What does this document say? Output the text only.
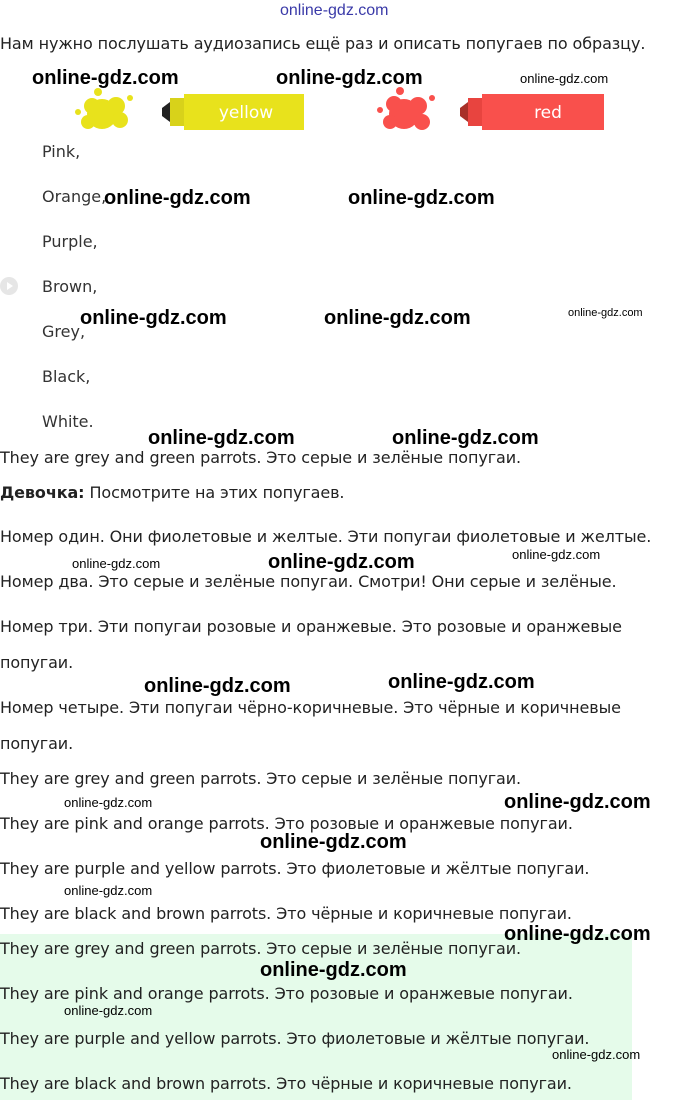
online-gdz.com
Нам нужно послушать аудиозапись ещё раз и описать попугаев по образцу.
yellow	red
Pink,
Orange,
Purple,
Brown,
Grey,
Black,
White.
They are grey and green parrots. Это серые и зелёные попугаи.
Девочка: Посмотрите на этих попугаев.
Номер один. Они фиолетовые и желтые. Эти попугаи фиолетовые и желтые.
Номер два. Это серые и зелёные попугаи. Смотри! Они серые и зелёные.
Номер три. Эти попугаи розовые и оранжевые. Это розовые и оранжевые
попугаи.
Номер четыре. Эти попугаи чёрно-коричневые. Это чёрные и коричневые
попугаи.
They are grey and green parrots. Это серые и зелёные попугаи.
They are pink and orange parrots. Это розовые и оранжевые попугаи.
They are purple and yellow parrots. Это фиолетовые и жёлтые попугаи.
They are black and brown parrots. Это чёрные и коричневые попугаи.
They are grey and green parrots. Это серые и зелёные попугаи.
They are pink and orange parrots. Это розовые и оранжевые попугаи.
They are purple and yellow parrots. Это фиолетовые и жёлтые попугаи.
They are black and brown parrots. Это чёрные и коричневые попугаи.
online-gdz.com	online-gdz.com	online-gdz.com
online-gdz.com	online-gdz.com
online-gdz.com	online-gdz.com	online-gdz.com
online-gdz.com	online-gdz.com
online-gdz.com	online-gdz.com	online-gdz.com
online-gdz.com	online-gdz.com
online-gdz.com	online-gdz.com
online-gdz.com
online-gdz.com
online-gdz.com
online-gdz.com
online-gdz.com
online-gdz.com
